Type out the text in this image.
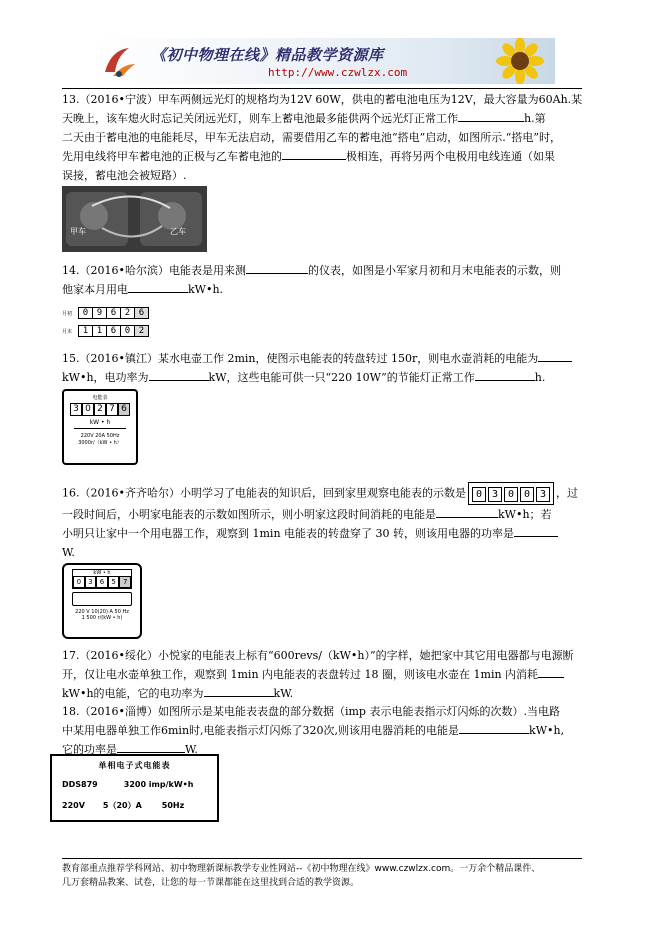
《初中物理在线》精品教学资源库
http://www.czwlzx.com
13.（2016•宁波）甲车两侧远光灯的规格均为12V 60W，供电的蓄电池电压为12V，最大容量为60Ah.某
天晚上，该车熄火时忘记关闭远光灯，则车上蓄电池最多能供两个远光灯正常工作	h.第
二天由于蓄电池的电能耗尽，甲车无法启动，需要借用乙车的蓄电池“搭电”启动，如图所示.“搭电”时，
先用电线将甲车蓄电池的正极与乙车蓄电池的	极相连，再将另两个电极用电线连通（如果
误接，蓄电池会被短路）.
甲车	乙车
14.（2016•哈尔滨）电能表是用来测	的仪表，如图是小军家月初和月末电能表的示数，则
他家本月用电	kW•h.
月初	0 9 6 2 6
月末	1 1 6 0 2
15.（2016•镇江）某水电壶工作 2min，使图示电能表的转盘转过 150r，则电水壶消耗的电能为
kW•h，电功率为	kW，这些电能可供一只“220 10W”的节能灯正常工作	h.
电能表
3 0 2 7 6
kW • h
220V 20A 50Hz
3000r/（kW • h）
16.（2016•齐齐哈尔）小明学习了电能表的知识后，回到家里观察电能表的示数是 0 3 0 0 3 ，过
一段时间后，小明家电能表的示数如图所示，则小明家这段时间消耗的电能是	kW•h；若
小明只让家中一个用电器工作，观察到 1min 电能表的转盘穿了 30 转，则该用电器的功率是
W.
kW • h
0	3	6	5	7
220 V 10(20) A 50 Hz
1 500 r/(kW • h)
17.（2016•绥化）小悦家的电能表上标有“600revs/（kW•h）”的字样，她把家中其它用电器都与电源断
开，仅让电水壶单独工作，观察到 1min 内电能表的表盘转过 18 圈，则该电水壶在 1min 内消耗
kW•h的电能，它的电功率为	kW.
18.（2016•淄博）如图所示是某电能表表盘的部分数据（imp 表示电能表指示灯闪烁的次数）.当电路
中某用电器单独工作6min时,电能表指示灯闪烁了320次,则该用电器消耗的电能是	kW•h,
它的功率是	W.
单相电子式电能表
DDS879	3200 imp/kW•h
220V 5（20）A	50Hz
教育部重点推荐学科网站、初中物理新课标教学专业性网站--《初中物理在线》www.czwlzx.com。一万余个精品课件、
几万套精品教案、试卷，让您的每一节课都能在这里找到合适的教学资源。
